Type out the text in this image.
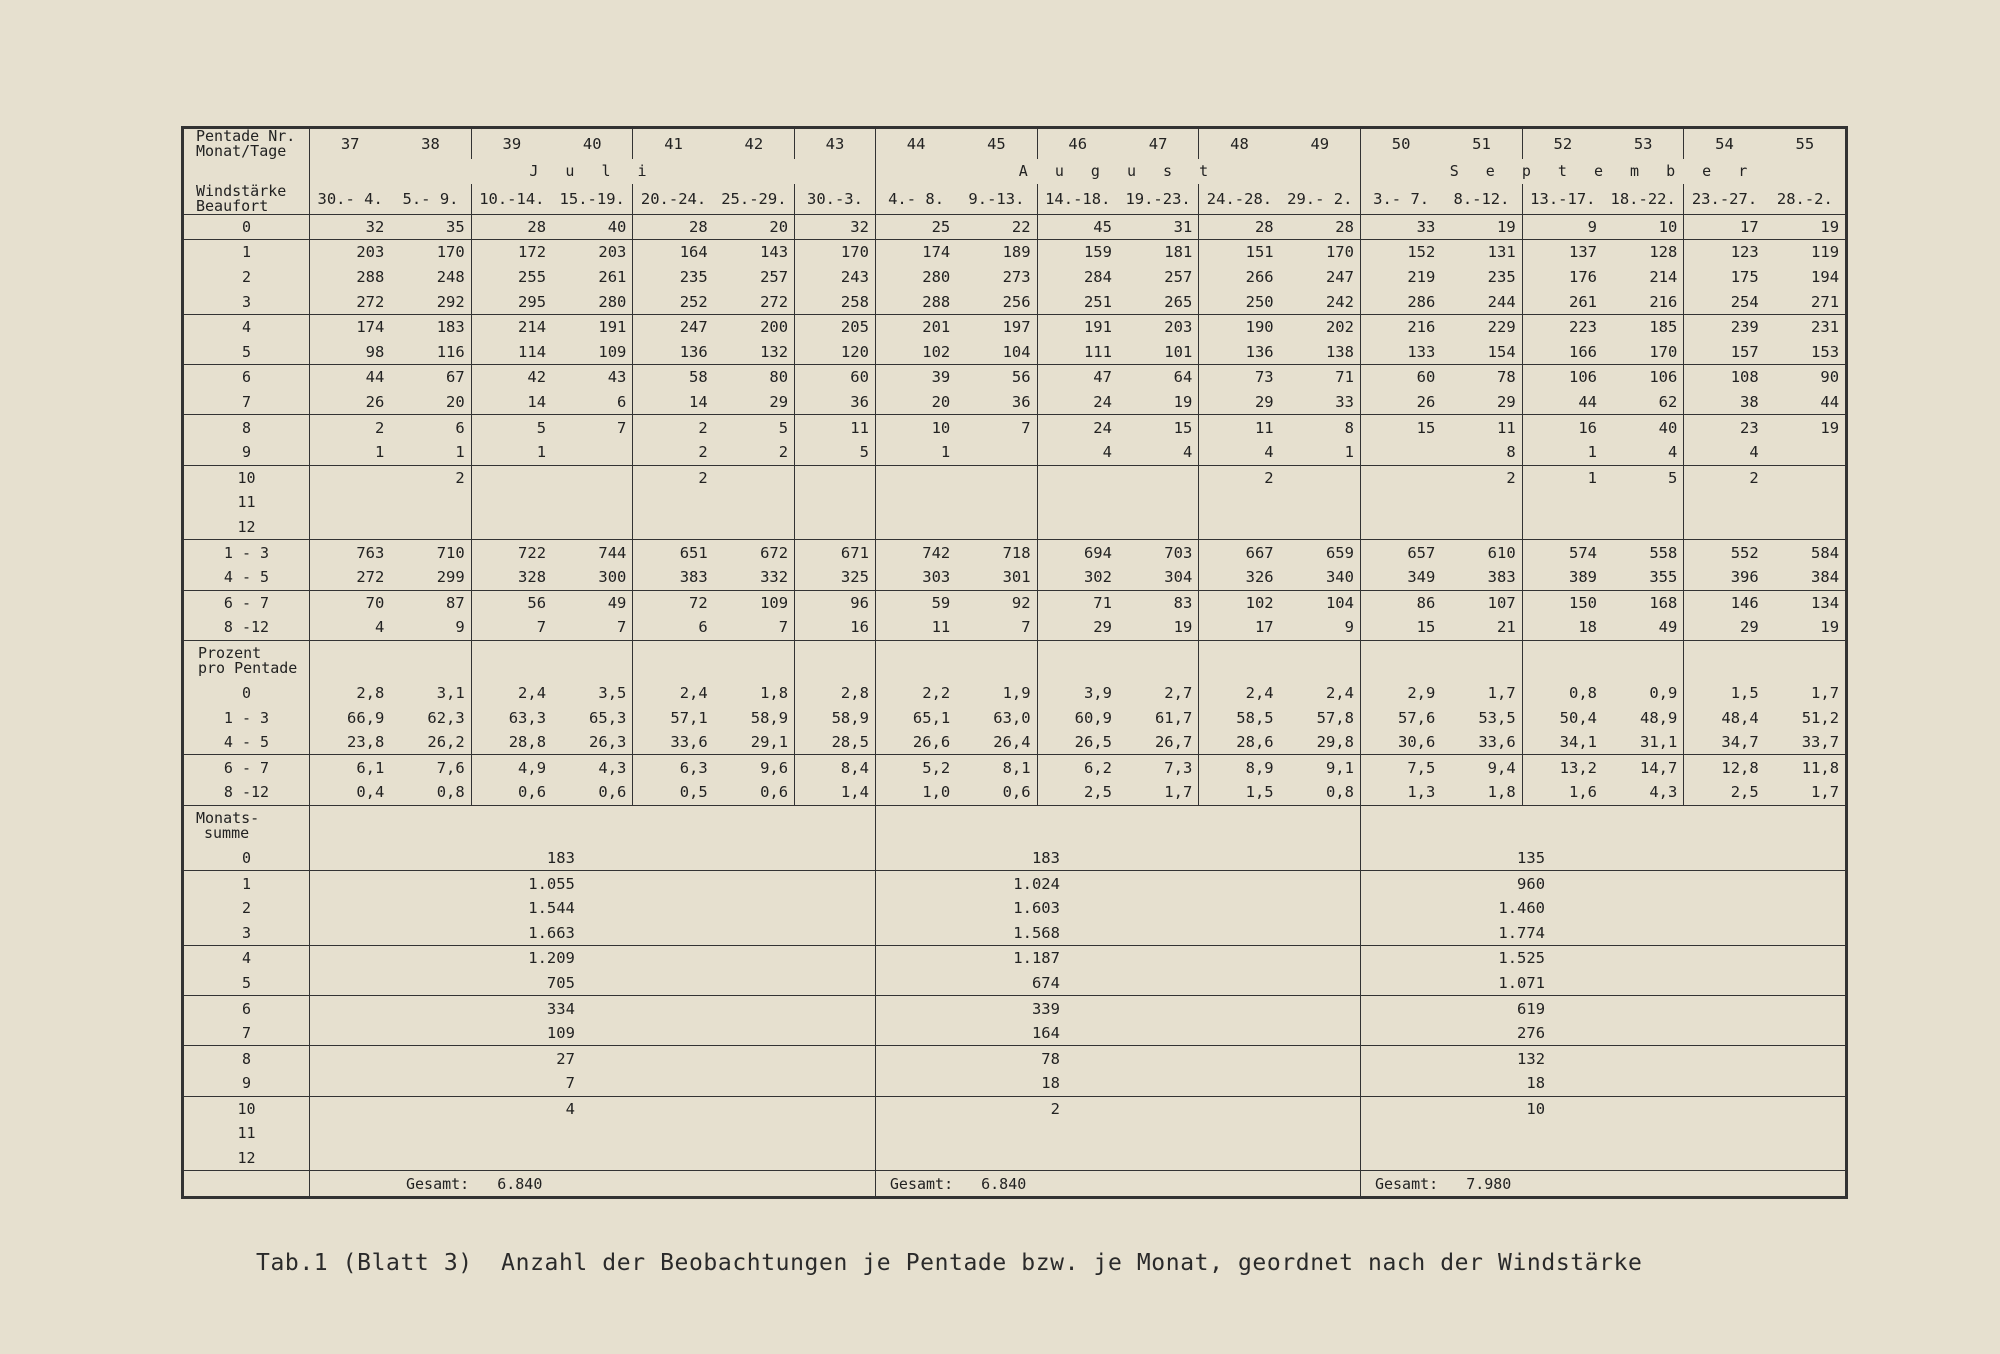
Pentade Nr.
Monat/Tage	37	38	39	40	41	42	43	44	45	46	47	48	49	50	51	52	53	54	55
	J u l i							A u g u s t						S e p t e m b e r					

Windstärke
Beaufort	30.- 4.	5.- 9.	10.-14.	15.-19.	20.-24.	25.-29.	30.-3.	4.- 8.	9.-13.	14.-18.	19.-23.	24.-28.	29.- 2.	3.- 7.	8.-12.	13.-17.	18.-22.	23.-27.	28.-2.
0	32	35	28	40	28	20	32	25	22	45	31	28	28	33	19	9	10	17	19
1	203	170	172	203	164	143	170	174	189	159	181	151	170	152	131	137	128	123	119
2	288	248	255	261	235	257	243	280	273	284	257	266	247	219	235	176	214	175	194
3	272	292	295	280	252	272	258	288	256	251	265	250	242	286	244	261	216	254	271
4	174	183	214	191	247	200	205	201	197	191	203	190	202	216	229	223	185	239	231
5	98	116	114	109	136	132	120	102	104	111	101	136	138	133	154	166	170	157	153
6	44	67	42	43	58	80	60	39	56	47	64	73	71	60	78	106	106	108	90
7	26	20	14	6	14	29	36	20	36	24	19	29	33	26	29	44	62	38	44
8	2	6	5	7	2	5	11	10	7	24	15	11	8	15	11	16	40	23	19
9	1	1	1		2	2	5	1		4	4	4	1		8	1	4	4	
10		2			2							2			2	1	5	2	
11																			
12																			
1 - 3	763	710	722	744	651	672	671	742	718	694	703	667	659	657	610	574	558	552	584
4 - 5	272	299	328	300	383	332	325	303	301	302	304	326	340	349	383	389	355	396	384
6 - 7	70	87	56	49	72	109	96	59	92	71	83	102	104	86	107	150	168	146	134
8 -12	4	9	7	7	6	7	16	11	7	29	19	17	9	15	21	18	49	29	19

Prozent
pro Pentade																			

0	2,8	3,1	2,4	3,5	2,4	1,8	2,8	2,2	1,9	3,9	2,7	2,4	2,4	2,9	1,7	0,8	0,9	1,5	1,7
1 - 3	66,9	62,3	63,3	65,3	57,1	58,9	58,9	65,1	63,0	60,9	61,7	58,5	57,8	57,6	53,5	50,4	48,9	48,4	51,2
4 - 5	23,8	26,2	28,8	26,3	33,6	29,1	28,5	26,6	26,4	26,5	26,7	28,6	29,8	30,6	33,6	34,1	31,1	34,7	33,7
6 - 7	6,1	7,6	4,9	4,3	6,3	9,6	8,4	5,2	8,1	6,2	7,3	8,9	9,1	7,5	9,4	13,2	14,7	12,8	11,8
8 -12	0,4	0,8	0,6	0,6	0,5	0,6	1,4	1,0	0,6	2,5	1,7	1,5	0,8	1,3	1,8	1,6	4,3	2,5	1,7

Monats-
summe																			

0	183							183						135					
1	1.055							1.024						960					
2	1.544							1.603						1.460					
3	1.663							1.568						1.774					
4	1.209							1.187						1.525					
5	705							674						1.071					
6	334							339						619					
7	109							164						276					
8	27							78						132					
9	7							18						18					
10	4							2						10					
11																			
12																			
	Gesamt: 6.840							Gesamt: 6.840						Gesamt: 7.980					
Tab.1 (Blatt 3) Anzahl der Beobachtungen je Pentade bzw. je Monat, geordnet nach der Windstärke
